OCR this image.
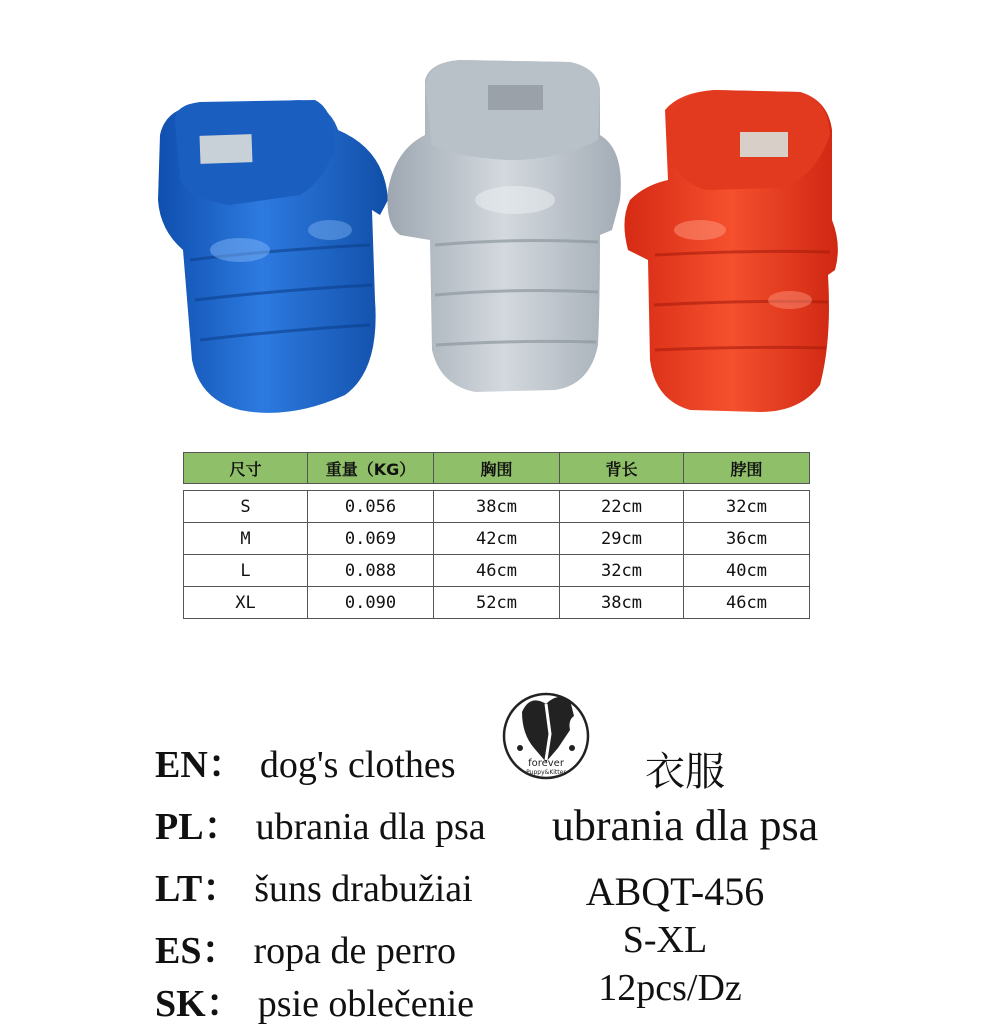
尺寸	重量（KG）	胸围	背长	脖围

S	0.056	38cm	22cm	32cm
M	0.069	42cm	29cm	36cm
L	0.088	46cm	32cm	40cm
XL	0.090	52cm	38cm	46cm
EN： dog's clothes
PL： ubrania dla psa
LT： šuns drabužiai
ES： ropa de perro
SK： psie oblečenie
forever
Puppy&Kitter	衣服
ubrania dla psa
ABQT-456
S-XL
12pcs/Dz
